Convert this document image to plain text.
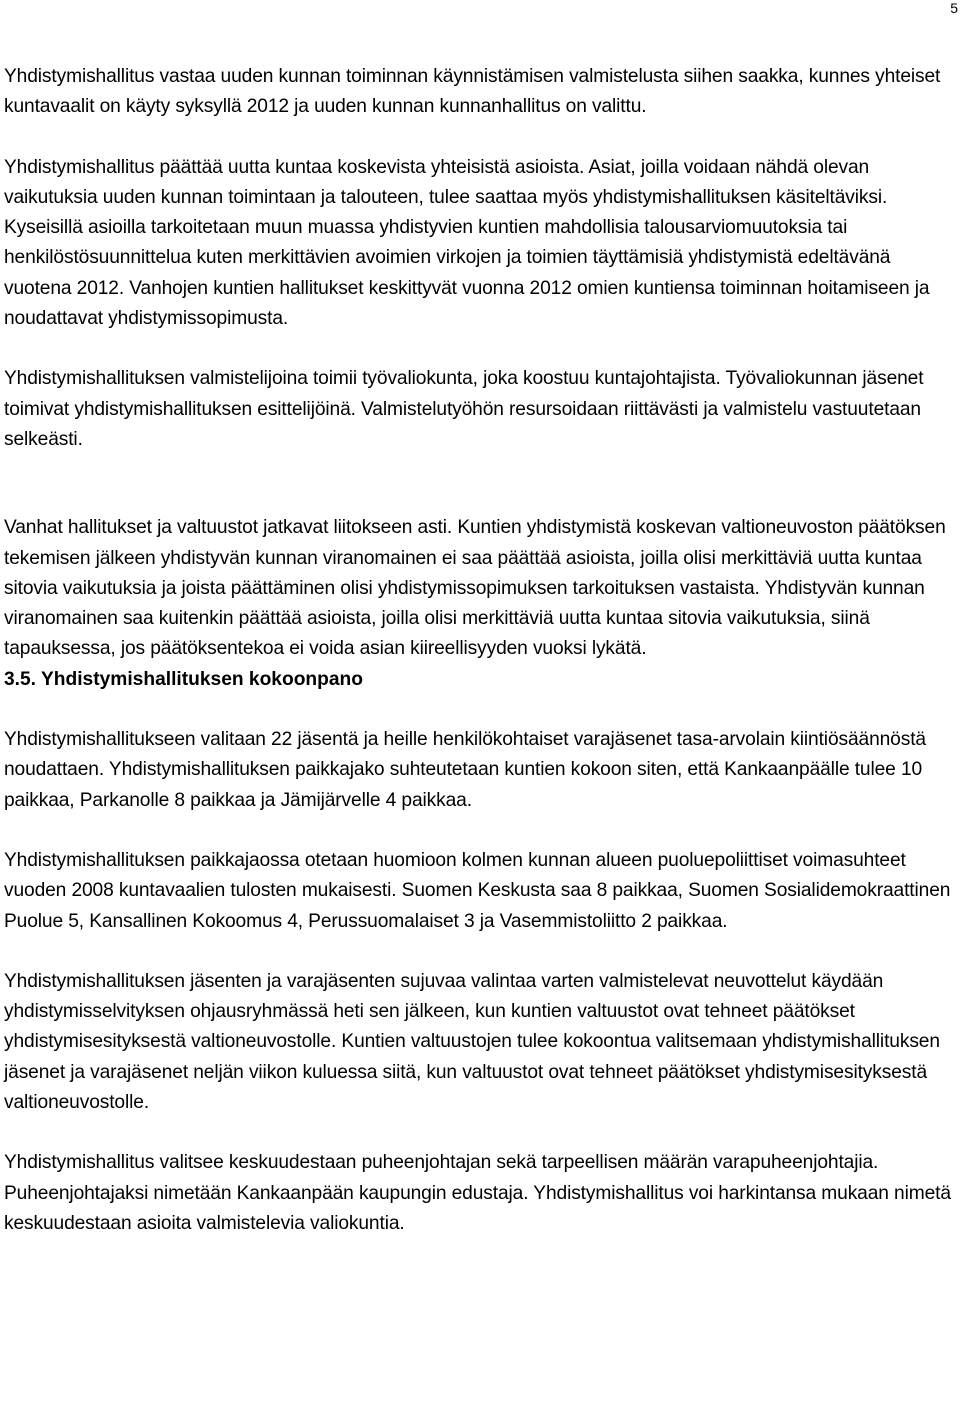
5

Yhdistymishallitus vastaa uuden kunnan toiminnan käynnistämisen valmistelusta siihen saakka, kunnes yhteiset kuntavaalit on käyty syksyllä 2012 ja uuden kunnan kunnanhallitus on valittu.

Yhdistymishallitus päättää uutta kuntaa koskevista yhteisistä asioista. Asiat, joilla voidaan nähdä olevan vaikutuksia uuden kunnan toimintaan ja talouteen, tulee saattaa myös yhdistymishallituksen käsiteltäviksi. Kyseisillä asioilla tarkoitetaan muun muassa yhdistyvien kuntien mahdollisia talousarviomuutoksia tai henkilöstösuunnittelua kuten merkittävien avoimien virkojen ja toimien täyttämisiä yhdistymistä edeltävänä vuotena 2012. Vanhojen kuntien hallitukset keskittyvät vuonna 2012 omien kuntiensa toiminnan hoitamiseen ja noudattavat yhdistymissopimusta.

Yhdistymishallituksen valmistelijoina toimii työvaliokunta, joka koostuu kuntajohtajista. Työvaliokunnan jäsenet toimivat yhdistymishallituksen esittelijöinä. Valmistelutyöhön resursoidaan riittävästi ja valmistelu vastuutetaan selkeästi.

Vanhat hallitukset ja valtuustot jatkavat liitokseen asti. Kuntien yhdistymistä koskevan valtioneuvoston päätöksen tekemisen jälkeen yhdistyvän kunnan viranomainen ei saa päättää asioista, joilla olisi merkittäviä uutta kuntaa sitovia vaikutuksia ja joista päättäminen olisi yhdistymissopimuksen tarkoituksen vastaista. Yhdistyvän kunnan viranomainen saa kuitenkin päättää asioista, joilla olisi merkittäviä uutta kuntaa sitovia vaikutuksia, siinä tapauksessa, jos päätöksentekoa ei voida asian kiireellisyyden vuoksi lykätä.

3.5. Yhdistymishallituksen kokoonpano

Yhdistymishallitukseen valitaan 22 jäsentä ja heille henkilökohtaiset varajäsenet tasa-arvolain kiintiösäännöstä noudattaen. Yhdistymishallituksen paikkajako suhteutetaan kuntien kokoon siten, että Kankaanpäälle tulee 10 paikkaa, Parkanolle 8 paikkaa ja Jämijärvelle 4 paikkaa.

Yhdistymishallituksen paikkajaossa otetaan huomioon kolmen kunnan alueen puoluepoliittiset voimasuhteet vuoden 2008 kuntavaalien tulosten mukaisesti. Suomen Keskusta saa 8 paikkaa, Suomen Sosialidemokraattinen Puolue 5, Kansallinen Kokoomus 4, Perussuomalaiset 3 ja Vasemmistoliitto 2 paikkaa.

Yhdistymishallituksen jäsenten ja varajäsenten sujuvaa valintaa varten valmistelevat neuvottelut käydään yhdistymisselvityksen ohjausryhmässä heti sen jälkeen, kun kuntien valtuustot ovat tehneet päätökset yhdistymisesityksestä valtioneuvostolle. Kuntien valtuustojen tulee kokoontua valitsemaan yhdistymishallituksen jäsenet ja varajäsenet neljän viikon kuluessa siitä, kun valtuustot ovat tehneet päätökset yhdistymisesityksestä valtioneuvostolle.

Yhdistymishallitus valitsee keskuudestaan puheenjohtajan sekä tarpeellisen määrän varapuheenjohtajia. Puheenjohtajaksi nimetään Kankaanpään kaupungin edustaja. Yhdistymishallitus voi harkintansa mukaan nimetä keskuudestaan asioita valmistelevia valiokuntia.
